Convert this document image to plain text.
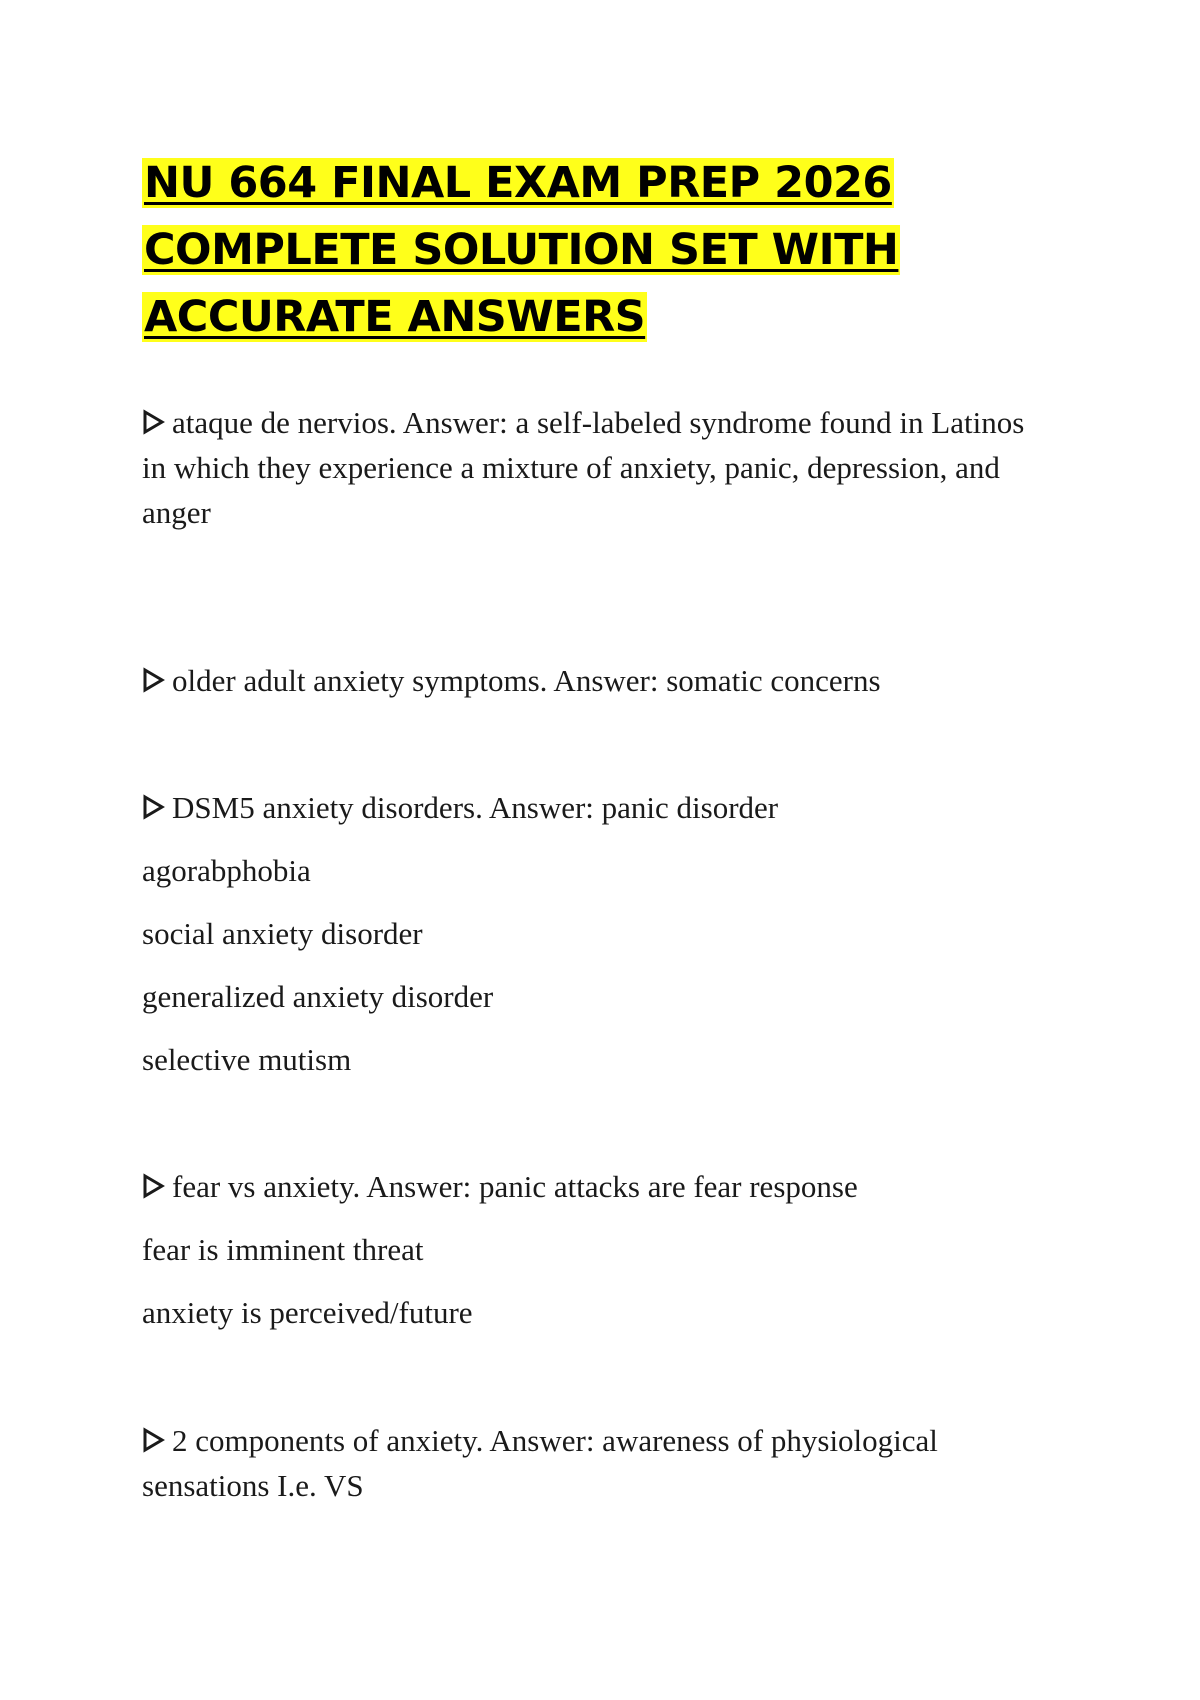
NU 664 FINAL EXAM PREP 2026
COMPLETE SOLUTION SET WITH
ACCURATE ANSWERS
ataque de nervios. Answer: a self-labeled syndrome found in Latinos
in which they experience a mixture of anxiety, panic, depression, and
anger
older adult anxiety symptoms. Answer: somatic concerns
DSM5 anxiety disorders. Answer: panic disorder
agorabphobia
social anxiety disorder
generalized anxiety disorder
selective mutism
fear vs anxiety. Answer: panic attacks are fear response
fear is imminent threat
anxiety is perceived/future
2 components of anxiety. Answer: awareness of physiological
sensations I.e. VS
